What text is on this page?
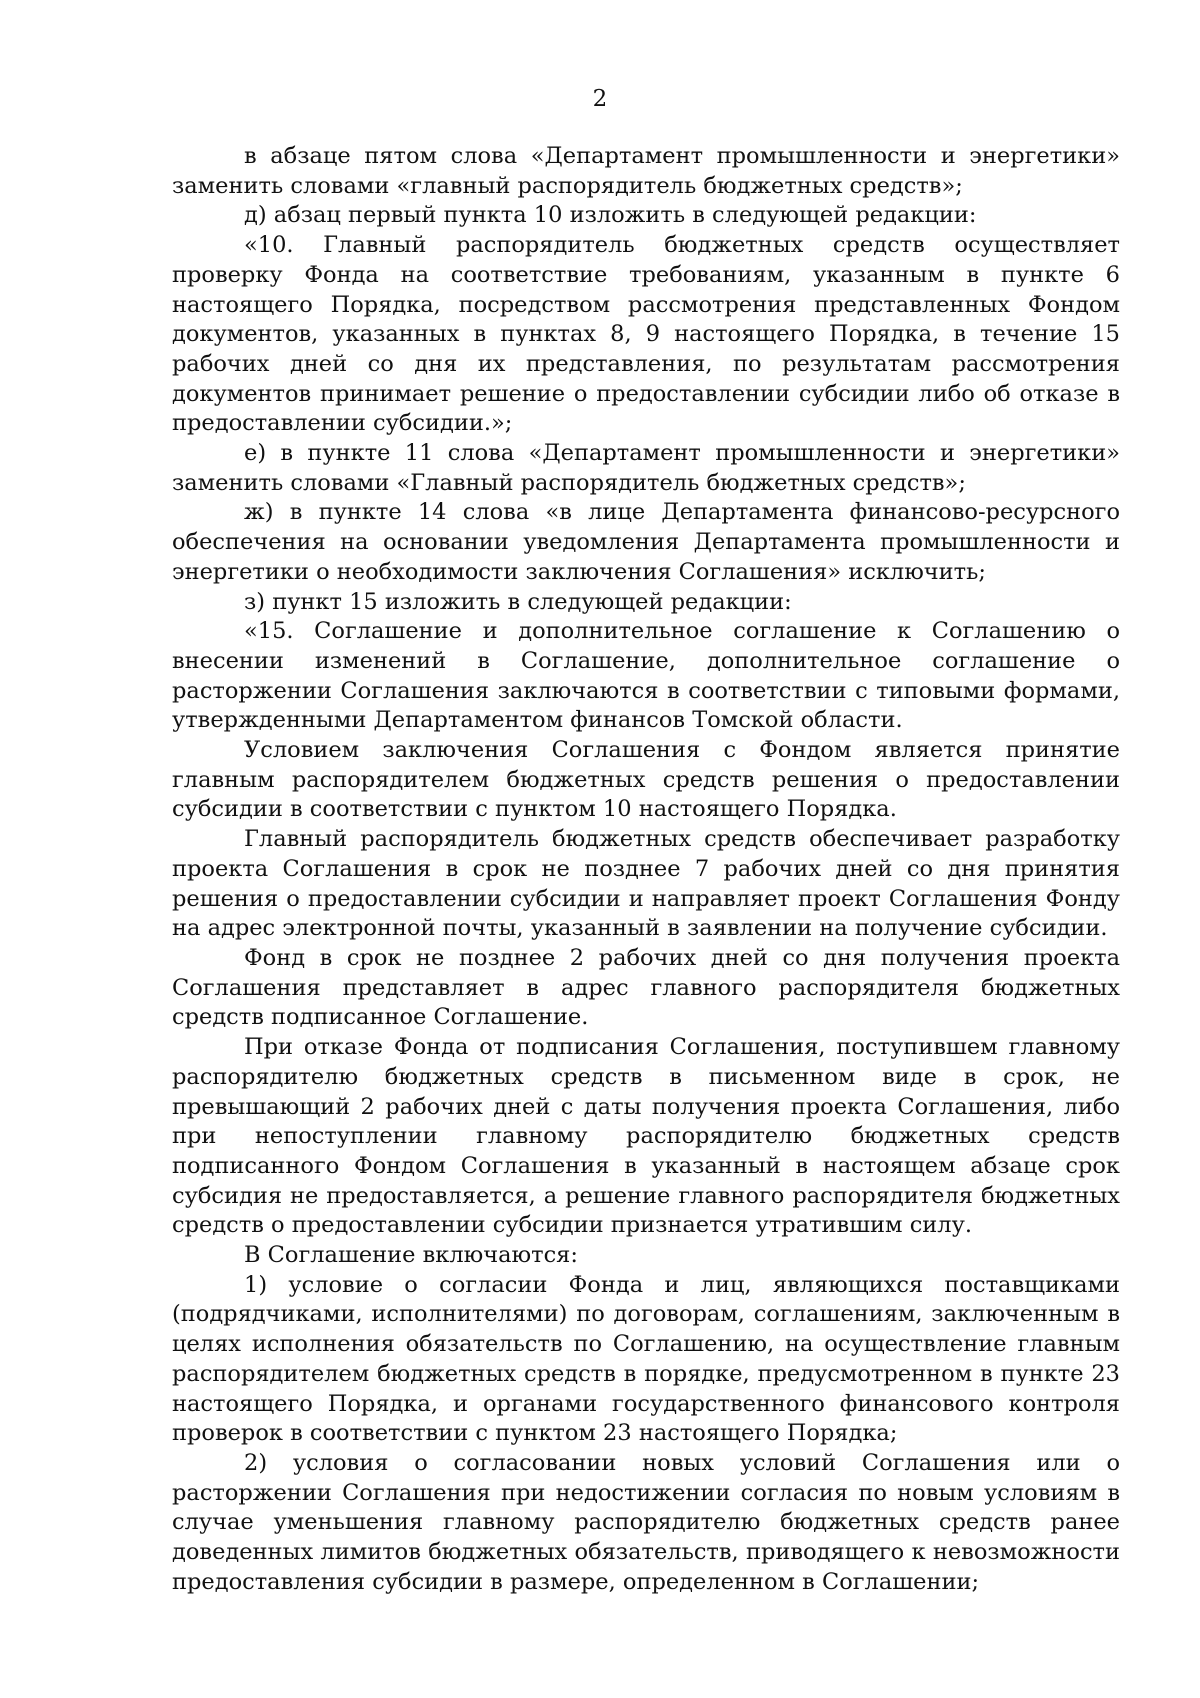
2

в абзаце пятом слова «Департамент промышленности и энергетики» заменить словами «главный распорядитель бюджетных средств»;

д) абзац первый пункта 10 изложить в следующей редакции:

«10. Главный распорядитель бюджетных средств осуществляет проверку Фонда на соответствие требованиям, указанным в пункте 6 настоящего Порядка, посредством рассмотрения представленных Фондом документов, указанных в пунктах 8, 9 настоящего Порядка, в течение 15 рабочих дней со дня их представления, по результатам рассмотрения документов принимает решение о предоставлении субсидии либо об отказе в предоставлении субсидии.»;

е) в пункте 11 слова «Департамент промышленности и энергетики» заменить словами «Главный распорядитель бюджетных средств»;

ж) в пункте 14 слова «в лице Департамента финансово-ресурсного обеспечения на основании уведомления Департамента промышленности и энергетики о необходимости заключения Соглашения» исключить;

з) пункт 15 изложить в следующей редакции:

«15. Соглашение и дополнительное соглашение к Соглашению о внесении изменений в Соглашение, дополнительное соглашение о расторжении Соглашения заключаются в соответствии с типовыми формами, утвержденными Департаментом финансов Томской области.

Условием заключения Соглашения с Фондом является принятие главным распорядителем бюджетных средств решения о предоставлении субсидии в соответствии с пунктом 10 настоящего Порядка.

Главный распорядитель бюджетных средств обеспечивает разработку проекта Соглашения в срок не позднее 7 рабочих дней со дня принятия решения о предоставлении субсидии и направляет проект Соглашения Фонду на адрес электронной почты, указанный в заявлении на получение субсидии.

Фонд в срок не позднее 2 рабочих дней со дня получения проекта Соглашения представляет в адрес главного распорядителя бюджетных средств подписанное Соглашение.

При отказе Фонда от подписания Соглашения, поступившем главному распорядителю бюджетных средств в письменном виде в срок, не превышающий 2 рабочих дней с даты получения проекта Соглашения, либо при непоступлении главному распорядителю бюджетных средств подписанного Фондом Соглашения в указанный в настоящем абзаце срок субсидия не предоставляется, а решение главного распорядителя бюджетных средств о предоставлении субсидии признается утратившим силу.

В Соглашение включаются:

1) условие о согласии Фонда и лиц, являющихся поставщиками (подрядчиками, исполнителями) по договорам, соглашениям, заключенным в целях исполнения обязательств по Соглашению, на осуществление главным распорядителем бюджетных средств в порядке, предусмотренном в пункте 23 настоящего Порядка, и органами государственного финансового контроля проверок в соответствии с пунктом 23 настоящего Порядка;

2) условия о согласовании новых условий Соглашения или о расторжении Соглашения при недостижении согласия по новым условиям в случае уменьшения главному распорядителю бюджетных средств ранее доведенных лимитов бюджетных обязательств, приводящего к невозможности предоставления субсидии в размере, определенном в Соглашении;
